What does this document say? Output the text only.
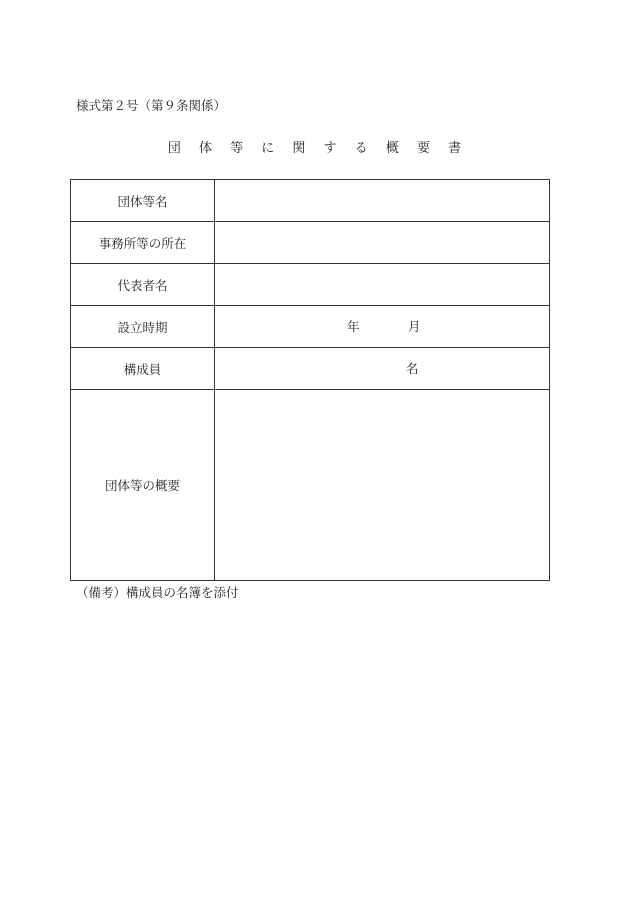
様式第２号（第９条関係）
団 体 等 に 関 す る 概 要 書
団体等名	
事務所等の所在	
代表者名	
設立時期	年 月

構成員	名

団体等の概要	
（備考）構成員の名簿を添付
